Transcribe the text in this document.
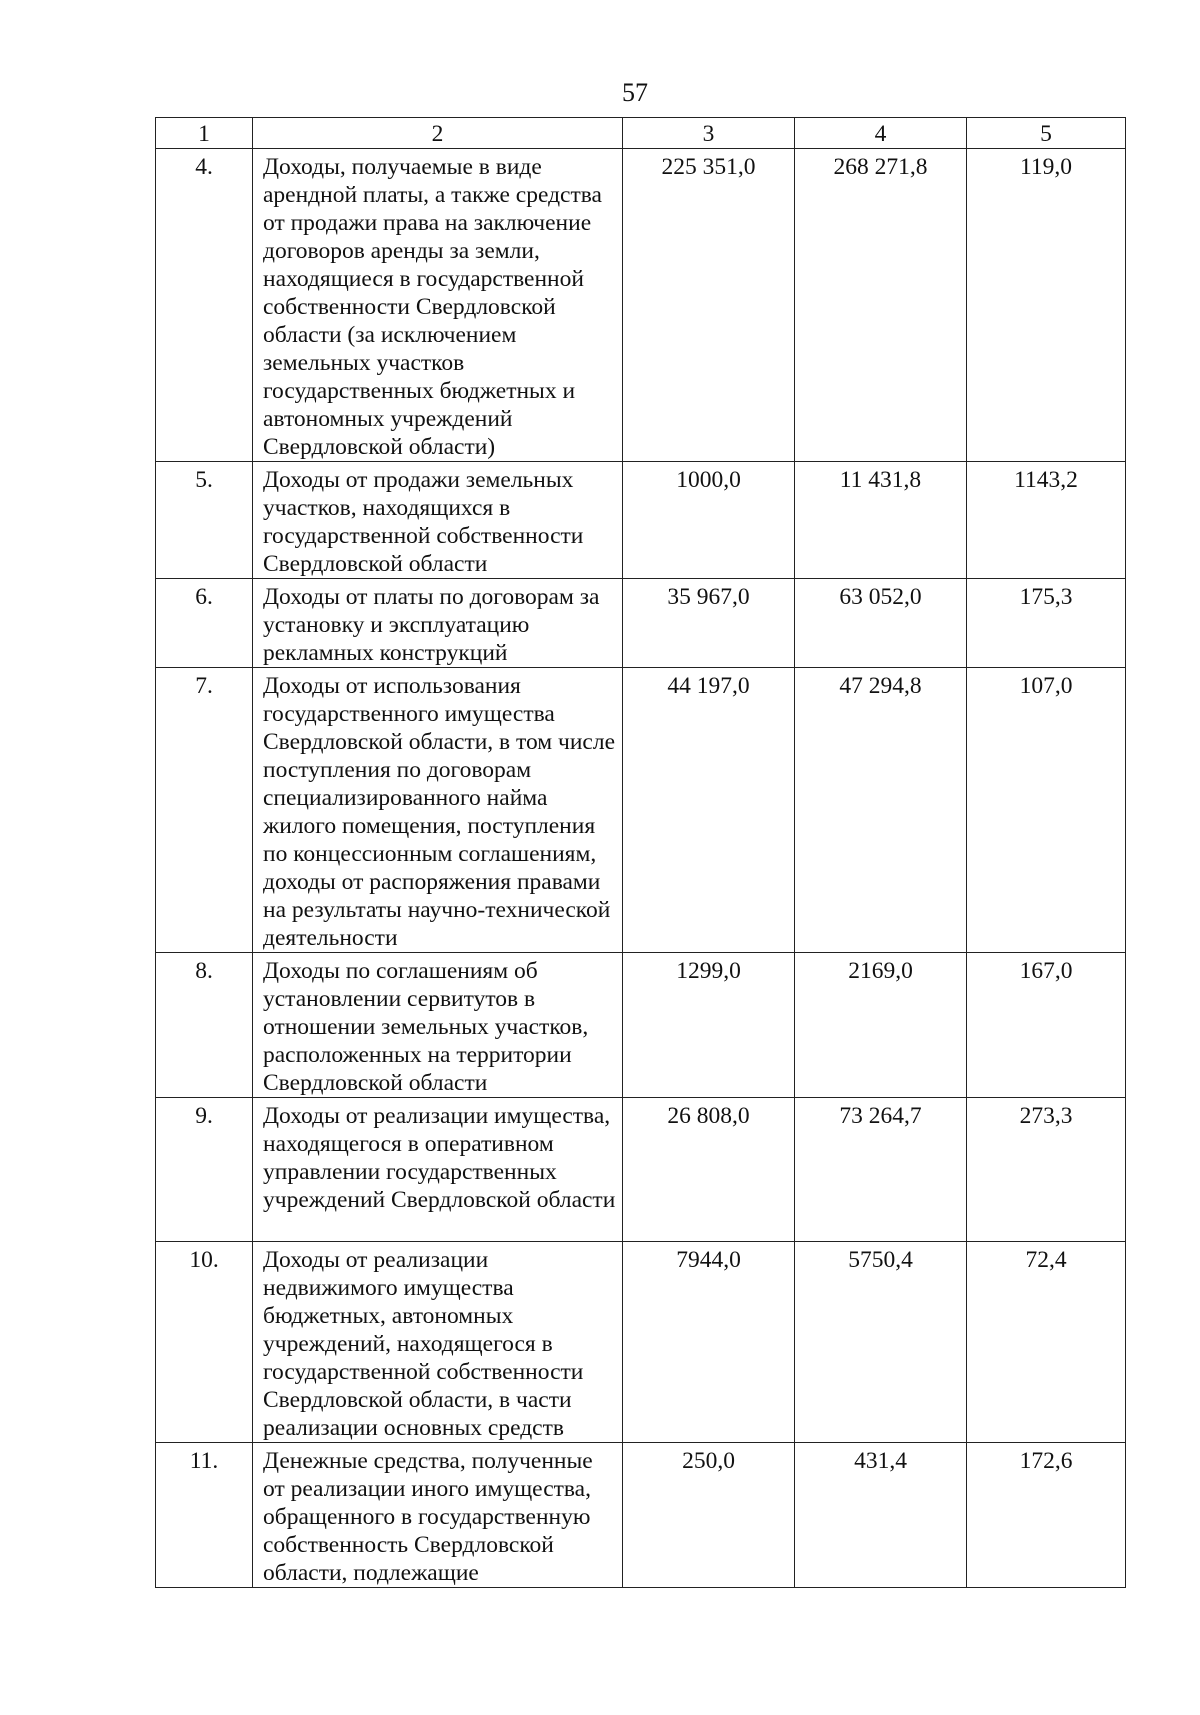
57
1	2	3	4	5
4.	Доходы, получаемые в виде арендной платы, а также средства от продажи права на заключение договоров аренды за земли, находящиеся в государственной собственности Свердловской области (за исключением земельных участков государственных бюджетных и автономных учреждений Свердловской области)	225 351,0	268 271,8	119,0
5.	Доходы от продажи земельных участков, находящихся в государственной собственности Свердловской области	1000,0	11 431,8	1143,2
6.	Доходы от платы по договорам за установку и эксплуатацию рекламных конструкций	35 967,0	63 052,0	175,3
7.	Доходы от использования государственного имущества Свердловской области, в том числе поступления по договорам специализированного найма жилого помещения, поступления по концессионным соглашениям, доходы от распоряжения правами на результаты научно-технической деятельности	44 197,0	47 294,8	107,0
8.	Доходы по соглашениям об установлении сервитутов в отношении земельных участков, расположенных на территории Свердловской области	1299,0	2169,0	167,0
9.	Доходы от реализации имущества, находящегося в оперативном управлении государственных учреждений Свердловской области	26 808,0	73 264,7	273,3
10.	Доходы от реализации недвижимого имущества бюджетных, автономных учреждений, находящегося в государственной собственности Свердловской области, в части реализации основных средств	7944,0	5750,4	72,4
11.	Денежные средства, полученные от реализации иного имущества, обращенного в государственную собственность Свердловской области, подлежащие	250,0	431,4	172,6
